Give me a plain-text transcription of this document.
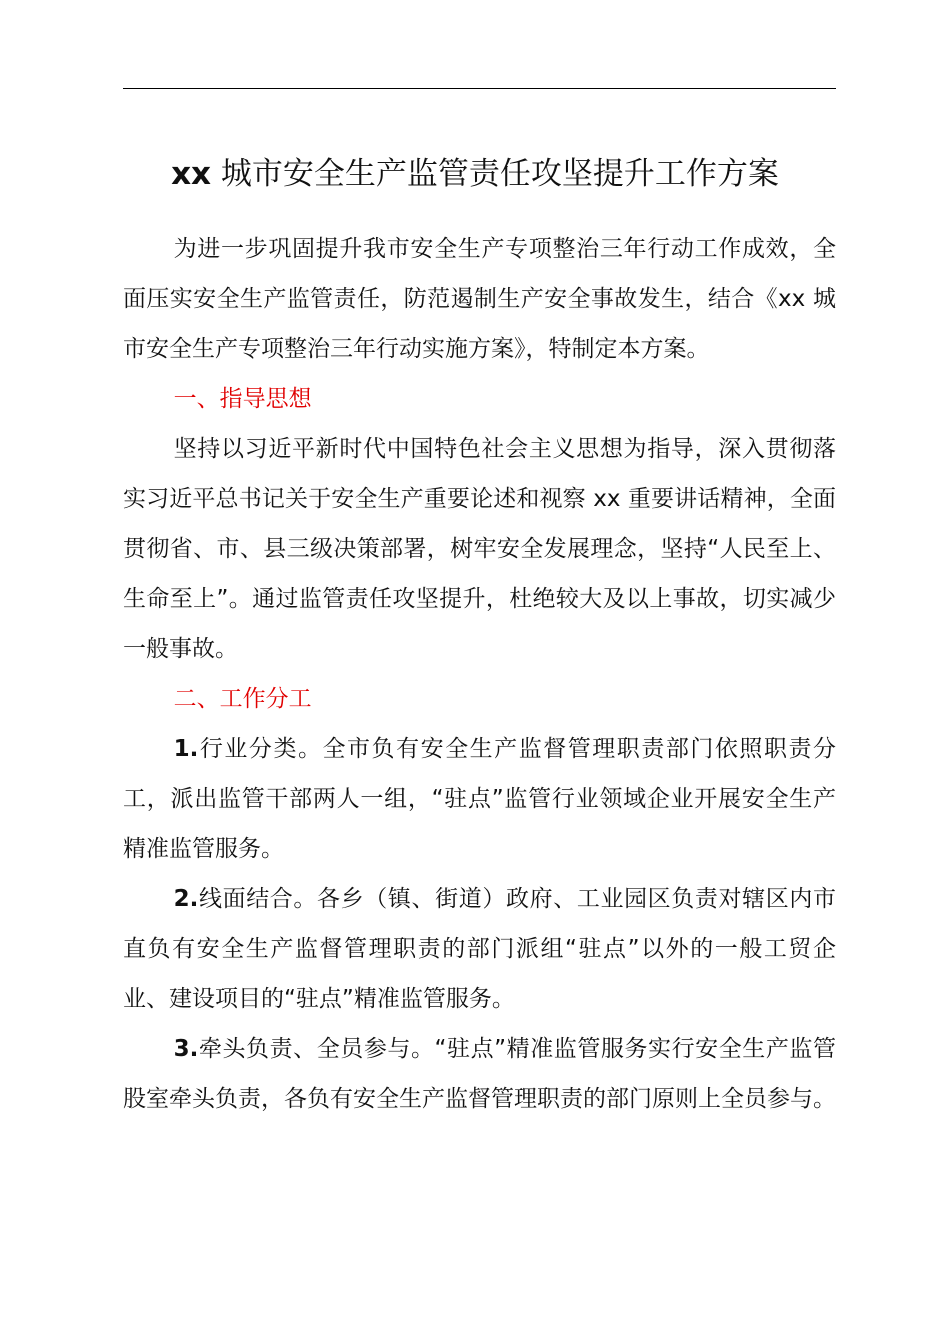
xx 城市安全生产监管责任攻坚提升工作方案

为进一步巩固提升我市安全生产专项整治三年行动工作成效，全面压实安全生产监管责任，防范遏制生产安全事故发生，结合《xx 城市安全生产专项整治三年行动实施方案》，特制定本方案。

一、指导思想

坚持以习近平新时代中国特色社会主义思想为指导，深入贯彻落实习近平总书记关于安全生产重要论述和视察 xx 重要讲话精神，全面贯彻省、市、县三级决策部署，树牢安全发展理念，坚持“人民至上、生命至上”。通过监管责任攻坚提升，杜绝较大及以上事故，切实减少一般事故。

二、工作分工

1.行业分类。全市负有安全生产监督管理职责部门依照职责分工，派出监管干部两人一组，“驻点”监管行业领域企业开展安全生产精准监管服务。

2.线面结合。各乡（镇、街道）政府、工业园区负责对辖区内市直负有安全生产监督管理职责的部门派组“驻点”以外的一般工贸企业、建设项目的“驻点”精准监管服务。

3.牵头负责、全员参与。“驻点”精准监管服务实行安全生产监管股室牵头负责，各负有安全生产监督管理职责的部门原则上全员参与。
